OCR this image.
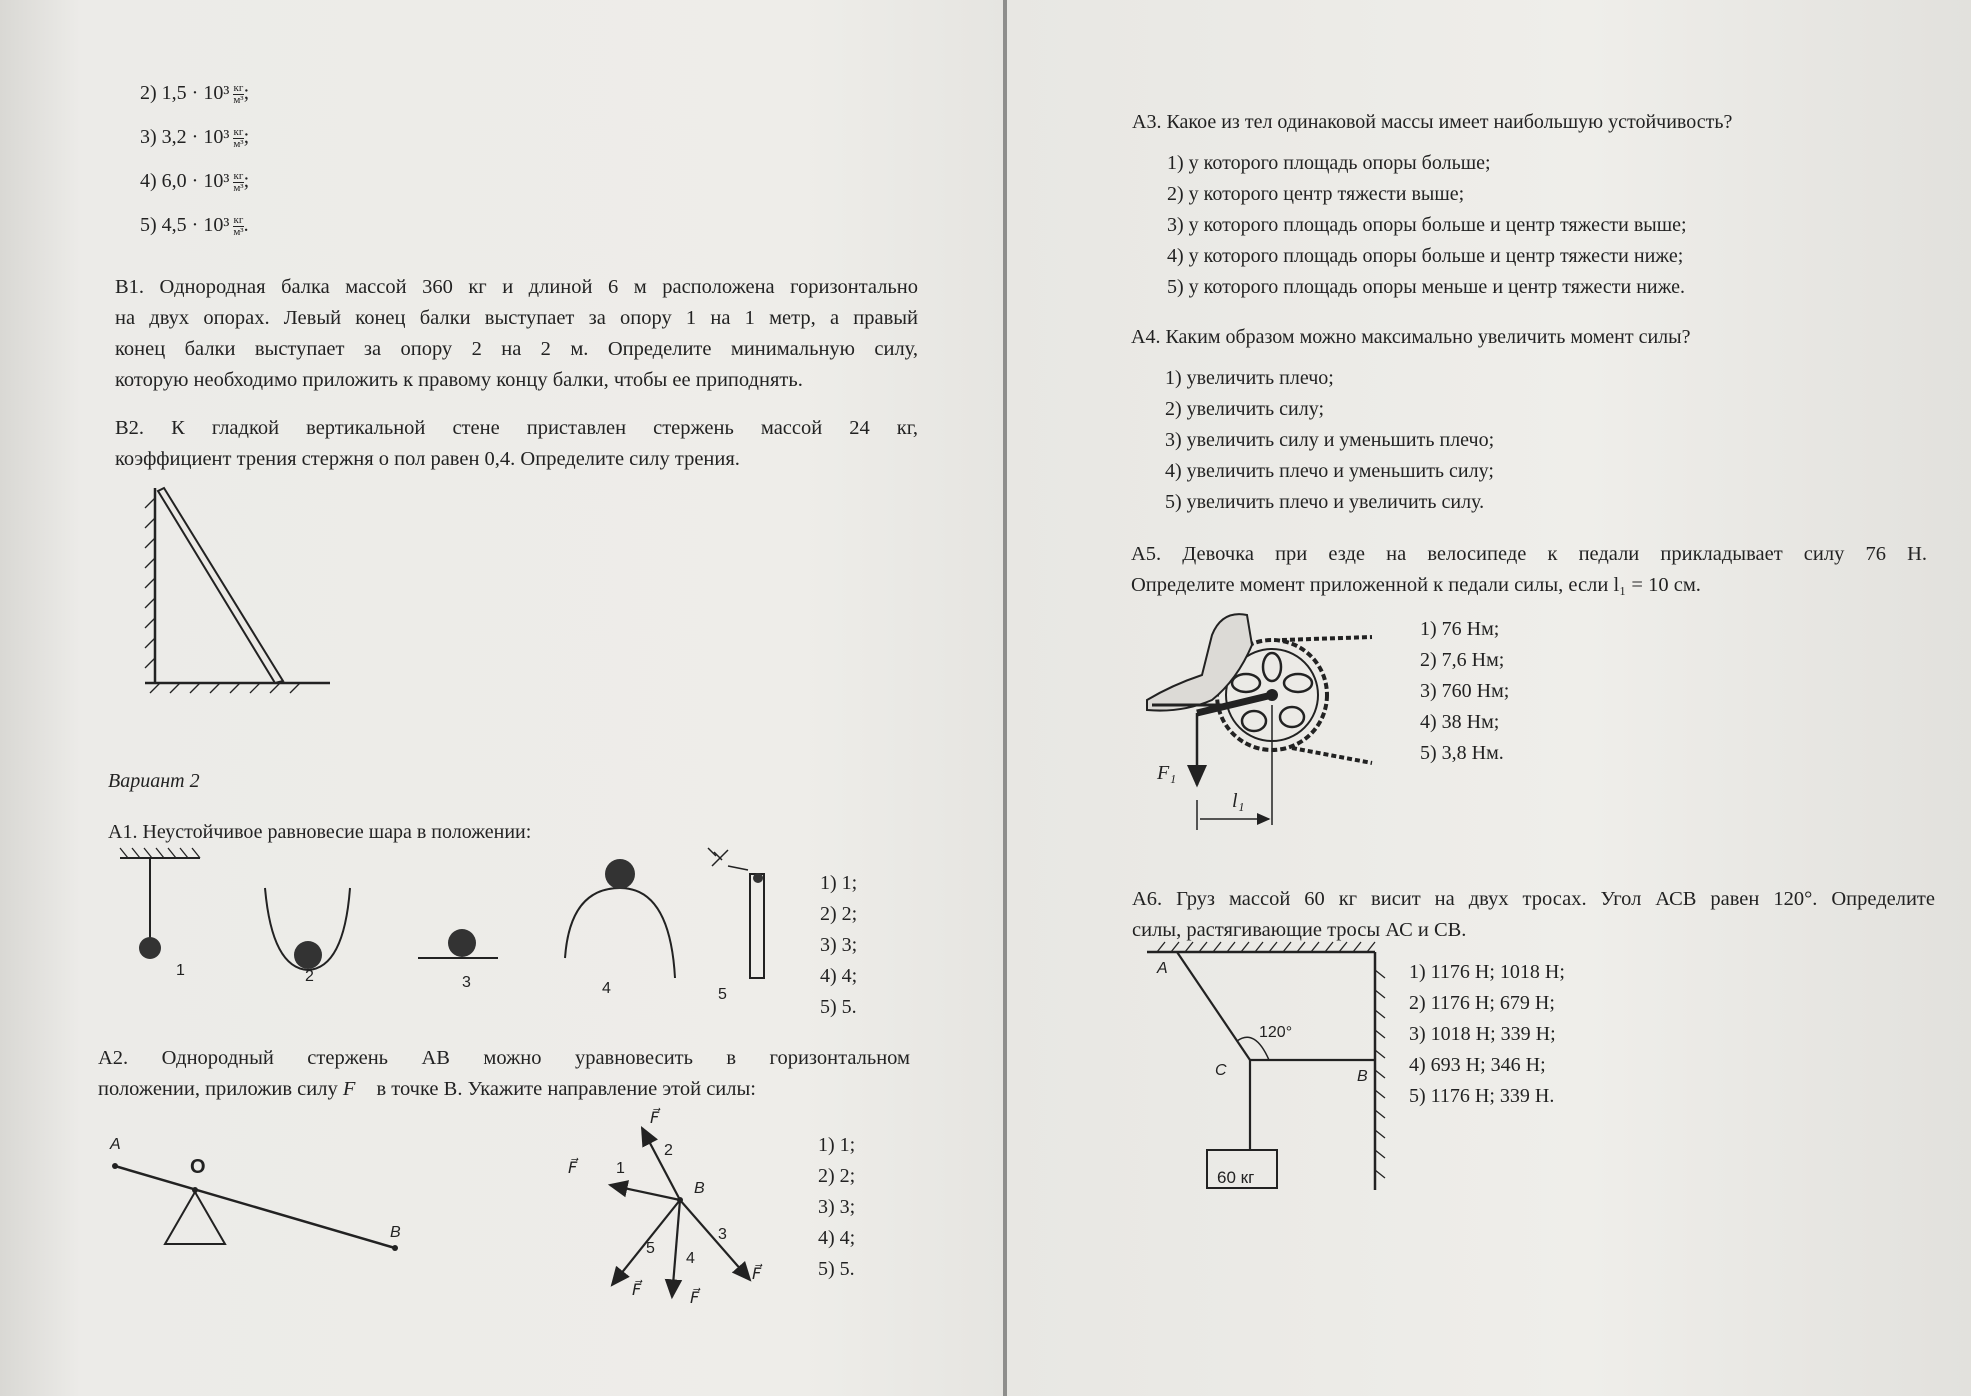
2) $1,5 \cdot 10^3 \frac{кг}{\text{м³}}$ ;
3) $3,2 \cdot 10^3 \frac{кг}{\text{м³}}$ ;
4) $6,0 \cdot 10^3 \frac{кг}{\text{м³}}$ ;
5) $4,5 \cdot 10^3 \frac{кг}{\text{м³}}$ .
В1. Однородная балка массой 360 кг и длиной 6 м расположена горизонтально
на двух опорах. Левый конец балки выступает за опору 1 на 1 метр, а правый
конец балки выступает за опору 2 на 2 м. Определите минимальную силу,
которую необходимо приложить к правому концу балки, чтобы ее приподнять.
В2. К гладкой вертикальной стене приставлен стержень массой 24 кг,
коэффициент трения стержня о пол равен 0,4. Определите силу трения.
Вариант 2
А1. Неустойчивое равновесие шара в положении:
1	2	3	4	5
1) 1;
2) 2;
3) 3;
4) 4;
5) 5.
А2. Однородный стержень АВ можно уравновесить в горизонтальном
положении, приложив силу F⃗ в точке В. Укажите направление этой силы:
A
O
B
1
2
3
4
5
B
F⃗
F⃗
F⃗
F⃗
F⃗
1) 1;
2) 2;
3) 3;
4) 4;
5) 5.
А3. Какое из тел одинаковой массы имеет наибольшую устойчивость?
1) у которого площадь опоры больше;
2) у которого центр тяжести выше;
3) у которого площадь опоры больше и центр тяжести выше;
4) у которого площадь опоры больше и центр тяжести ниже;
5) у которого площадь опоры меньше и центр тяжести ниже.
А4. Каким образом можно максимально увеличить момент силы?
1) увеличить плечо;
2) увеличить силу;
3) увеличить силу и уменьшить плечо;
4) увеличить плечо и уменьшить силу;
5) увеличить плечо и увеличить силу.
А5. Девочка при езде на велосипеде к педали прикладывает силу 76 Н.
Определите момент приложенной к педали силы, если l₁ = 10 см.
F₁
l₁
1) 76 Нм;
2) 7,6 Нм;
3) 760 Нм;
4) 38 Нм;
5) 3,8 Нм.
А6. Груз массой 60 кг висит на двух тросах. Угол АСВ равен 120°. Определите
силы, растягивающие тросы АС и СВ.
A
C	B
120°
60 кг
1) 1176 Н; 1018 Н;
2) 1176 Н; 679 Н;
3) 1018 Н; 339 Н;
4) 693 Н; 346 Н;
5) 1176 Н; 339 Н.
